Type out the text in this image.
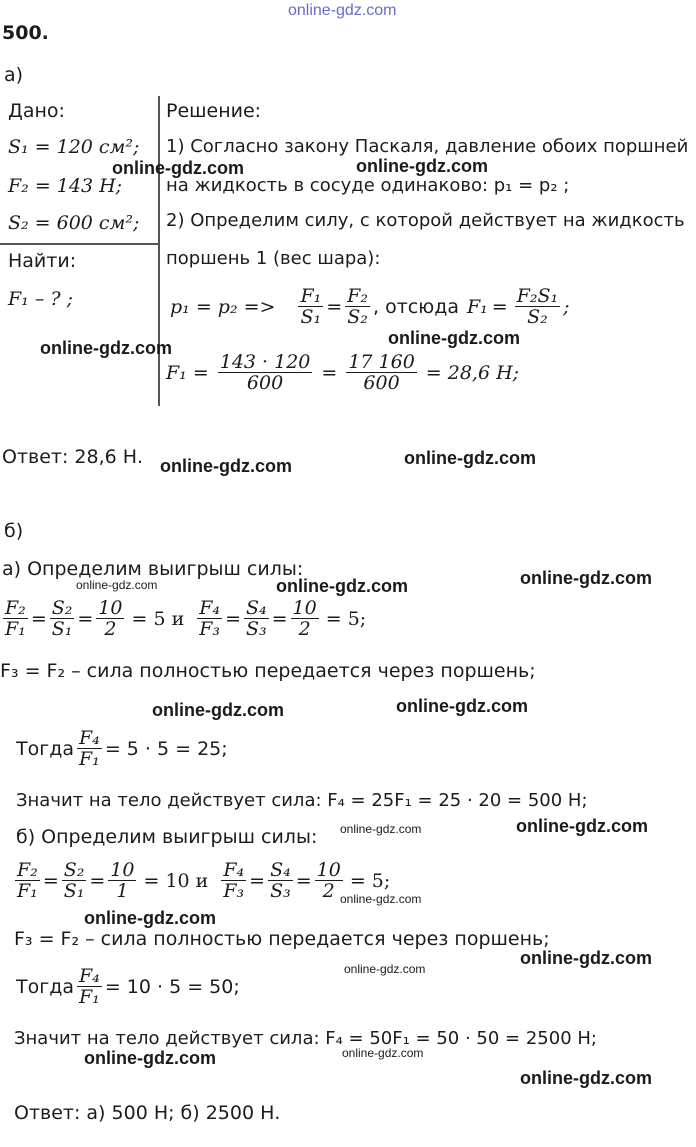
online-gdz.com
500.
а)
Дано:
S₁ = 120 см²;
F₂ = 143 Н;
S₂ = 600 см²;
Найти:
F₁ – ? ;
Решение:
1) Согласно закону Паскаля, давление обоих поршней
на жидкость в сосуде одинаково: p₁ = p₂ ;
2) Определим силу, с которой действует на жидкость
поршень 1 (вес шара):
$p_1 = p_2 => \frac{\text{F₁}}{\text{S₁}} = \frac{\text{F₂}}{\text{S₂}}$ , отсюда $F_1 = \frac{\text{F₂S₁}}{\text{S₂}}$ ;
$F_1 = \frac{143 \cdot 120}{600} = \frac{17 160}{600} = 28,6$ Н;
Ответ: 28,6 Н.
б)
а) Определим выигрыш силы:
$\frac{\text{F₂}}{\text{F₁}} = \frac{\text{S₂}}{\text{S₁}} = \frac{10}{2} = 5$ и $\frac{\text{F₄}}{\text{F₃}} = \frac{\text{S₄}}{\text{S₃}} = \frac{10}{2} = 5$;
F₃ = F₂ – сила полностью передается через поршень;
Тогда $\frac{\text{F₄}}{\text{F₁}} = 5 \cdot 5 = 25$;
Значит на тело действует сила: F₄ = 25F₁ = 25 · 20 = 500 Н;
б) Определим выигрыш силы:
$\frac{\text{F₂}}{\text{F₁}} = \frac{\text{S₂}}{\text{S₁}} = \frac{10}{1} = 10$ и $\frac{\text{F₄}}{\text{F₃}} = \frac{\text{S₄}}{\text{S₃}} = \frac{10}{2} = 5$;
F₃ = F₂ – сила полностью передается через поршень;
Тогда $\frac{\text{F₄}}{\text{F₁}} = 10 \cdot 5 = 50$;
Значит на тело действует сила: F₄ = 50F₁ = 50 · 50 = 2500 Н;
Ответ: а) 500 Н; б) 2500 Н.
online-gdz.com	online-gdz.com
online-gdz.com
online-gdz.com
online-gdz.com	online-gdz.com
online-gdz.com	online-gdz.com	online-gdz.com
online-gdz.com	online-gdz.com
online-gdz.com	online-gdz.com
online-gdz.com
online-gdz.com
online-gdz.com
online-gdz.com
online-gdz.com	online-gdz.com
online-gdz.com
